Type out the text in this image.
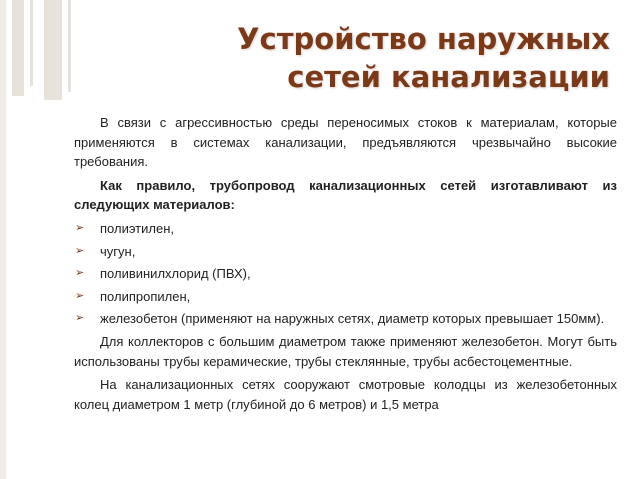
Устройство наружных сетей канализации

В связи с агрессивностью среды переносимых стоков к материалам, которые применяются в системах канализации, предъявляются чрезвычайно высокие требования.

Как правило, трубопровод канализационных сетей изготавливают из следующих материалов:

➢ полиэтилен,
➢ чугун,
➢ поливинилхлорид (ПВХ),
➢ полипропилен,
➢ железобетон (применяют на наружных сетях, диаметр которых превышает 150мм).

Для коллекторов с большим диаметром также применяют железобетон. Могут быть использованы трубы керамические, трубы стеклянные, трубы асбестоцементные.

На канализационных сетях сооружают смотровые колодцы из железобетонных колец диаметром 1 метр (глубиной до 6 метров) и 1,5 метра
